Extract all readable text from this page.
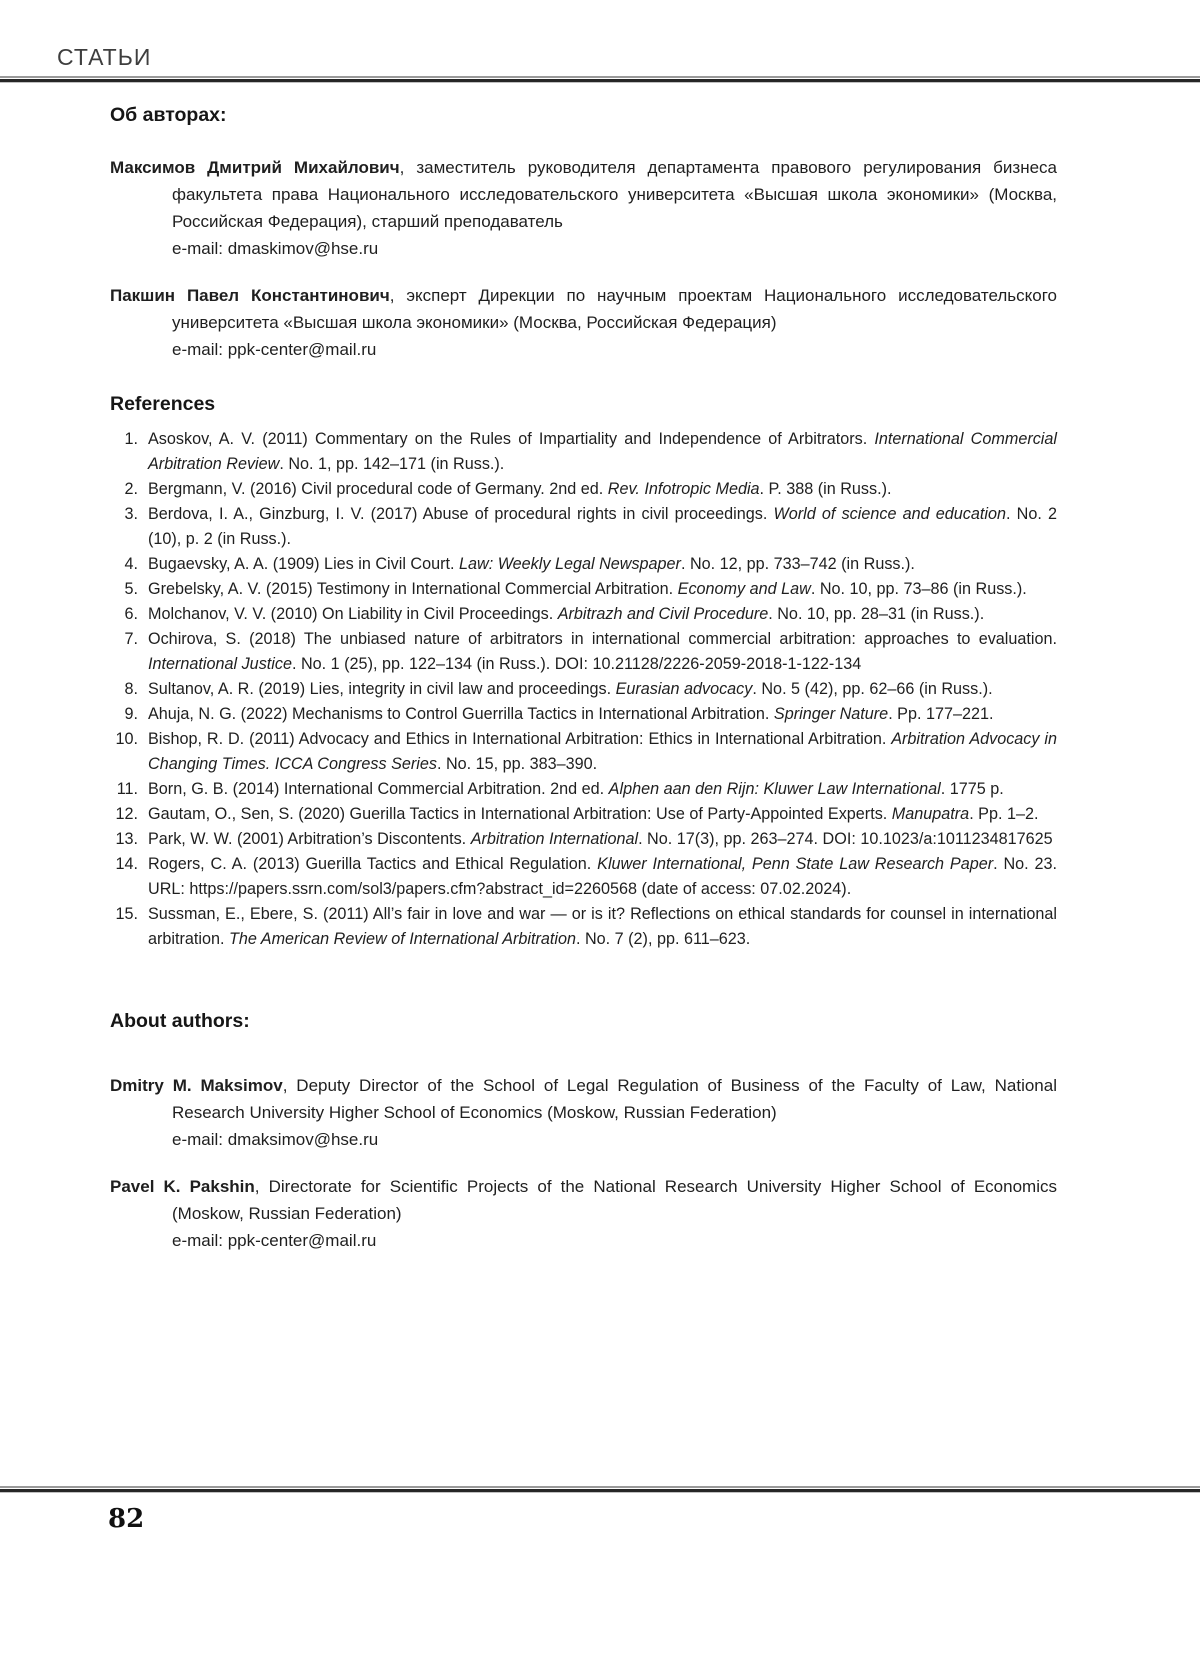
СТАТЬИ
Об авторах:

Максимов Дмитрий Михайлович, заместитель руководителя департамента правового регулирования бизнеса факультета права Национального исследовательского университета «Высшая школа экономики» (Москва, Российская Федерация), старший преподаватель
e-mail: dmaskimov@hse.ru

Пакшин Павел Константинович, эксперт Дирекции по научным проектам Национального исследовательского университета «Высшая школа экономики» (Москва, Российская Федерация)
e-mail: ppk-center@mail.ru

References
1. Asoskov, A. V. (2011) Commentary on the Rules of Impartiality and Independence of Arbitrators. International Commercial Arbitration Review. No. 1, pp. 142–171 (in Russ.).
2. Bergmann, V. (2016) Civil procedural code of Germany. 2nd ed. Rev. Infotropic Media. P. 388 (in Russ.).
3. Berdova, I. A., Ginzburg, I. V. (2017) Abuse of procedural rights in civil proceedings. World of science and education. No. 2 (10), p. 2 (in Russ.).
4. Bugaevsky, A. A. (1909) Lies in Civil Court. Law: Weekly Legal Newspaper. No. 12, pp. 733–742 (in Russ.).
5. Grebelsky, A. V. (2015) Testimony in International Commercial Arbitration. Economy and Law. No. 10, pp. 73–86 (in Russ.).
6. Molchanov, V. V. (2010) On Liability in Civil Proceedings. Arbitrazh and Civil Procedure. No. 10, pp. 28–31 (in Russ.).
7. Ochirova, S. (2018) The unbiased nature of arbitrators in international commercial arbitration: approaches to evaluation. International Justice. No. 1 (25), pp. 122–134 (in Russ.). DOI: 10.21128/2226-2059-2018-1-122-134
8. Sultanov, A. R. (2019) Lies, integrity in civil law and proceedings. Eurasian advocacy. No. 5 (42), pp. 62–66 (in Russ.).
9. Ahuja, N. G. (2022) Mechanisms to Control Guerrilla Tactics in International Arbitration. Springer Nature. Pp. 177–221.
10. Bishop, R. D. (2011) Advocacy and Ethics in International Arbitration: Ethics in International Arbitration. Arbitration Advocacy in Changing Times. ICCA Congress Series. No. 15, pp. 383–390.
11. Born, G. B. (2014) International Commercial Arbitration. 2nd ed. Alphen aan den Rijn: Kluwer Law International. 1775 p.
12. Gautam, O., Sen, S. (2020) Guerilla Tactics in International Arbitration: Use of Party-Appointed Experts. Manupatra. Pp. 1–2.
13. Park, W. W. (2001) Arbitration’s Discontents. Arbitration International. No. 17(3), pp. 263–274. DOI: 10.1023/a:1011234817625
14. Rogers, C. A. (2013) Guerilla Tactics and Ethical Regulation. Kluwer International, Penn State Law Research Paper. No. 23. URL: https://papers.ssrn.com/sol3/papers.cfm?abstract_id=2260568 (date of access: 07.02.2024).
15. Sussman, E., Ebere, S. (2011) All’s fair in love and war — or is it? Reflections on ethical standards for counsel in international arbitration. The American Review of International Arbitration. No. 7 (2), pp. 611–623.
About authors:

Dmitry M. Maksimov, Deputy Director of the School of Legal Regulation of Business of the Faculty of Law, National Research University Higher School of Economics (Moskow, Russian Federation)
e-mail: dmaksimov@hse.ru

Pavel K. Pakshin, Directorate for Scientific Projects of the National Research University Higher School of Economics (Moskow, Russian Federation)
e-mail: ppk-center@mail.ru

82
